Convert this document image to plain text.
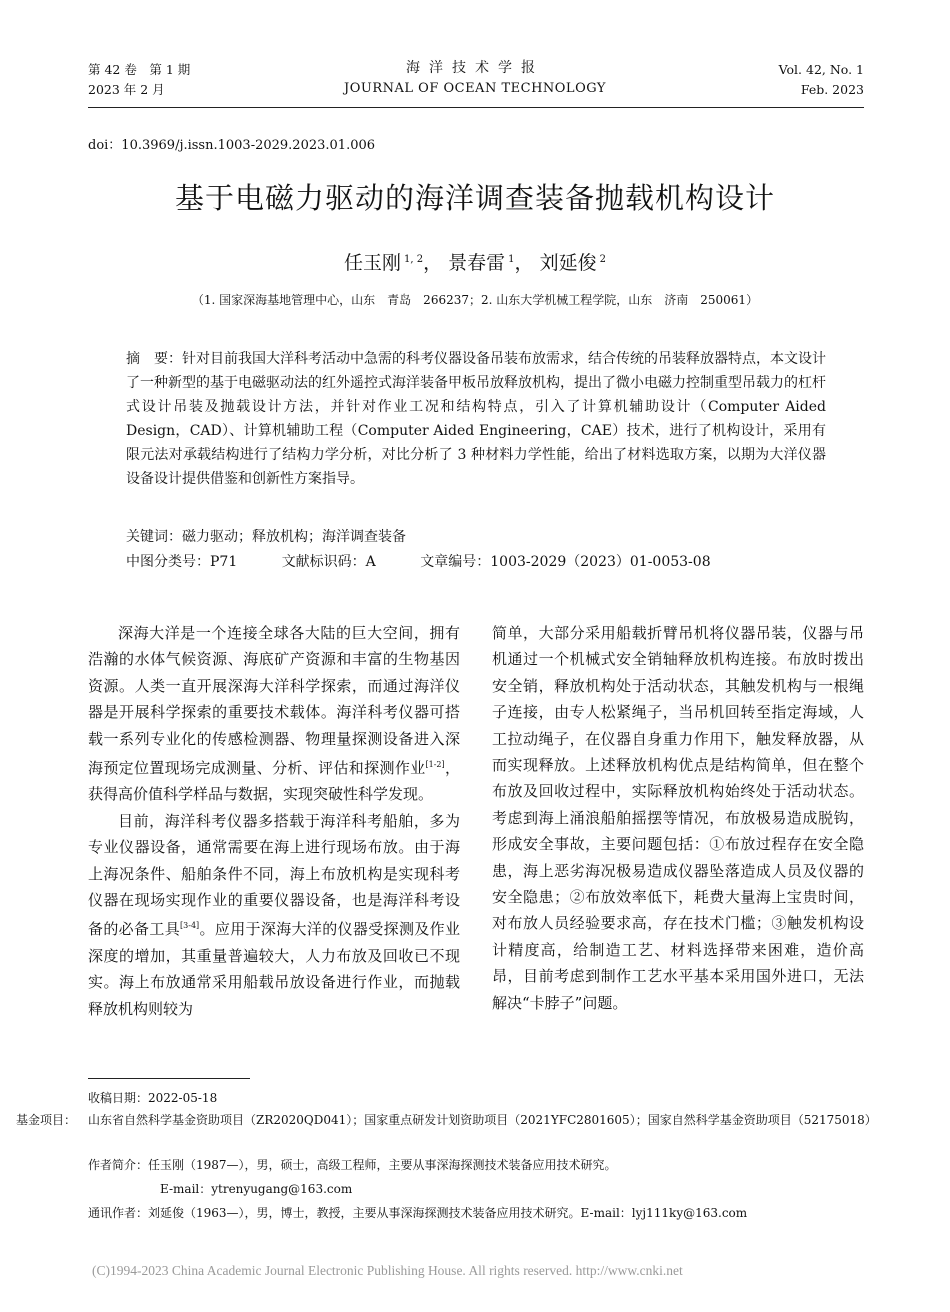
第 42 卷　第 1 期
2023 年 2 月
海洋技术学报
JOURNAL OF OCEAN TECHNOLOGY
Vol. 42, No. 1
Feb. 2023
doi：10.3969/j.issn.1003-2029.2023.01.006
基于电磁力驱动的海洋调查装备抛载机构设计
任玉刚 $^{1, 2}$， 景春雷 $^1$， 刘延俊 $^2$
（1. 国家深海基地管理中心，山东　青岛　266237；2. 山东大学机械工程学院，山东　济南　250061）
摘　要：针对目前我国大洋科考活动中急需的科考仪器设备吊装布放需求，结合传统的吊装释放器特点，本文设计了一种新型的基于电磁驱动法的红外遥控式海洋装备甲板吊放释放机构，提出了微小电磁力控制重型吊载力的杠杆式设计吊装及抛载设计方法，并针对作业工况和结构特点，引入了计算机辅助设计（Computer Aided Design，CAD）、计算机辅助工程（Computer Aided Engineering，CAE）技术，进行了机构设计，采用有限元法对承载结构进行了结构力学分析，对比分析了 3 种材料力学性能，给出了材料选取方案，以期为大洋仪器设备设计提供借鉴和创新性方案指导。
关键词：磁力驱动；释放机构；海洋调查装备
中图分类号：P71	文献标识码：A	文章编号：1003-2029（2023）01-0053-08

深海大洋是一个连接全球各大陆的巨大空间，拥有浩瀚的水体气候资源、海底矿产资源和丰富的生物基因资源。人类一直开展深海大洋科学探索，而通过海洋仪器是开展科学探索的重要技术载体。海洋科考仪器可搭载一系列专业化的传感检测器、物理量探测设备进入深海预定位置现场完成测量、分析、评估和探测作业[1-2]，获得高价值科学样品与数据，实现突破性科学发现。

目前，海洋科考仪器多搭载于海洋科考船舶，多为专业仪器设备，通常需要在海上进行现场布放。由于海上海况条件、船舶条件不同，海上布放机构是实现科考仪器在现场实现作业的重要仪器设备，也是海洋科考设备的必备工具[3-4]。应用于深海大洋的仪器受探测及作业深度的增加，其重量普遍较大，人力布放及回收已不现实。海上布放通常采用船载吊放设备进行作业，而抛载释放机构则较为

简单，大部分采用船载折臂吊机将仪器吊装，仪器与吊机通过一个机械式安全销轴释放机构连接。布放时拨出安全销，释放机构处于活动状态，其触发机构与一根绳子连接，由专人松紧绳子，当吊机回转至指定海域，人工拉动绳子，在仪器自身重力作用下，触发释放器，从而实现释放。上述释放机构优点是结构简单，但在整个布放及回收过程中，实际释放机构始终处于活动状态。考虑到海上涌浪船舶摇摆等情况，布放极易造成脱钩，形成安全事故，主要问题包括：①布放过程存在安全隐患，海上恶劣海况极易造成仪器坠落造成人员及仪器的安全隐患；②布放效率低下，耗费大量海上宝贵时间，对布放人员经验要求高，存在技术门槛；③触发机构设计精度高，给制造工艺、材料选择带来困难，造价高昂，目前考虑到制作工艺水平基本采用国外进口，无法解决“卡脖子”问题。

收稿日期：2022-05-18
基金项目： 山东省自然科学基金资助项目（ZR2020QD041）；国家重点研发计划资助项目（2021YFC2801605）；国家自然科学基金资助项目（52175018）
作者简介：任玉刚（1987—），男，硕士，高级工程师，主要从事深海探测技术装备应用技术研究。
E-mail：ytrenyugang@163.com
通讯作者：刘延俊（1963—），男，博士，教授，主要从事深海探测技术装备应用技术研究。E-mail：lyj111ky@163.com
(C)1994-2023 China Academic Journal Electronic Publishing House. All rights reserved. http://www.cnki.net
